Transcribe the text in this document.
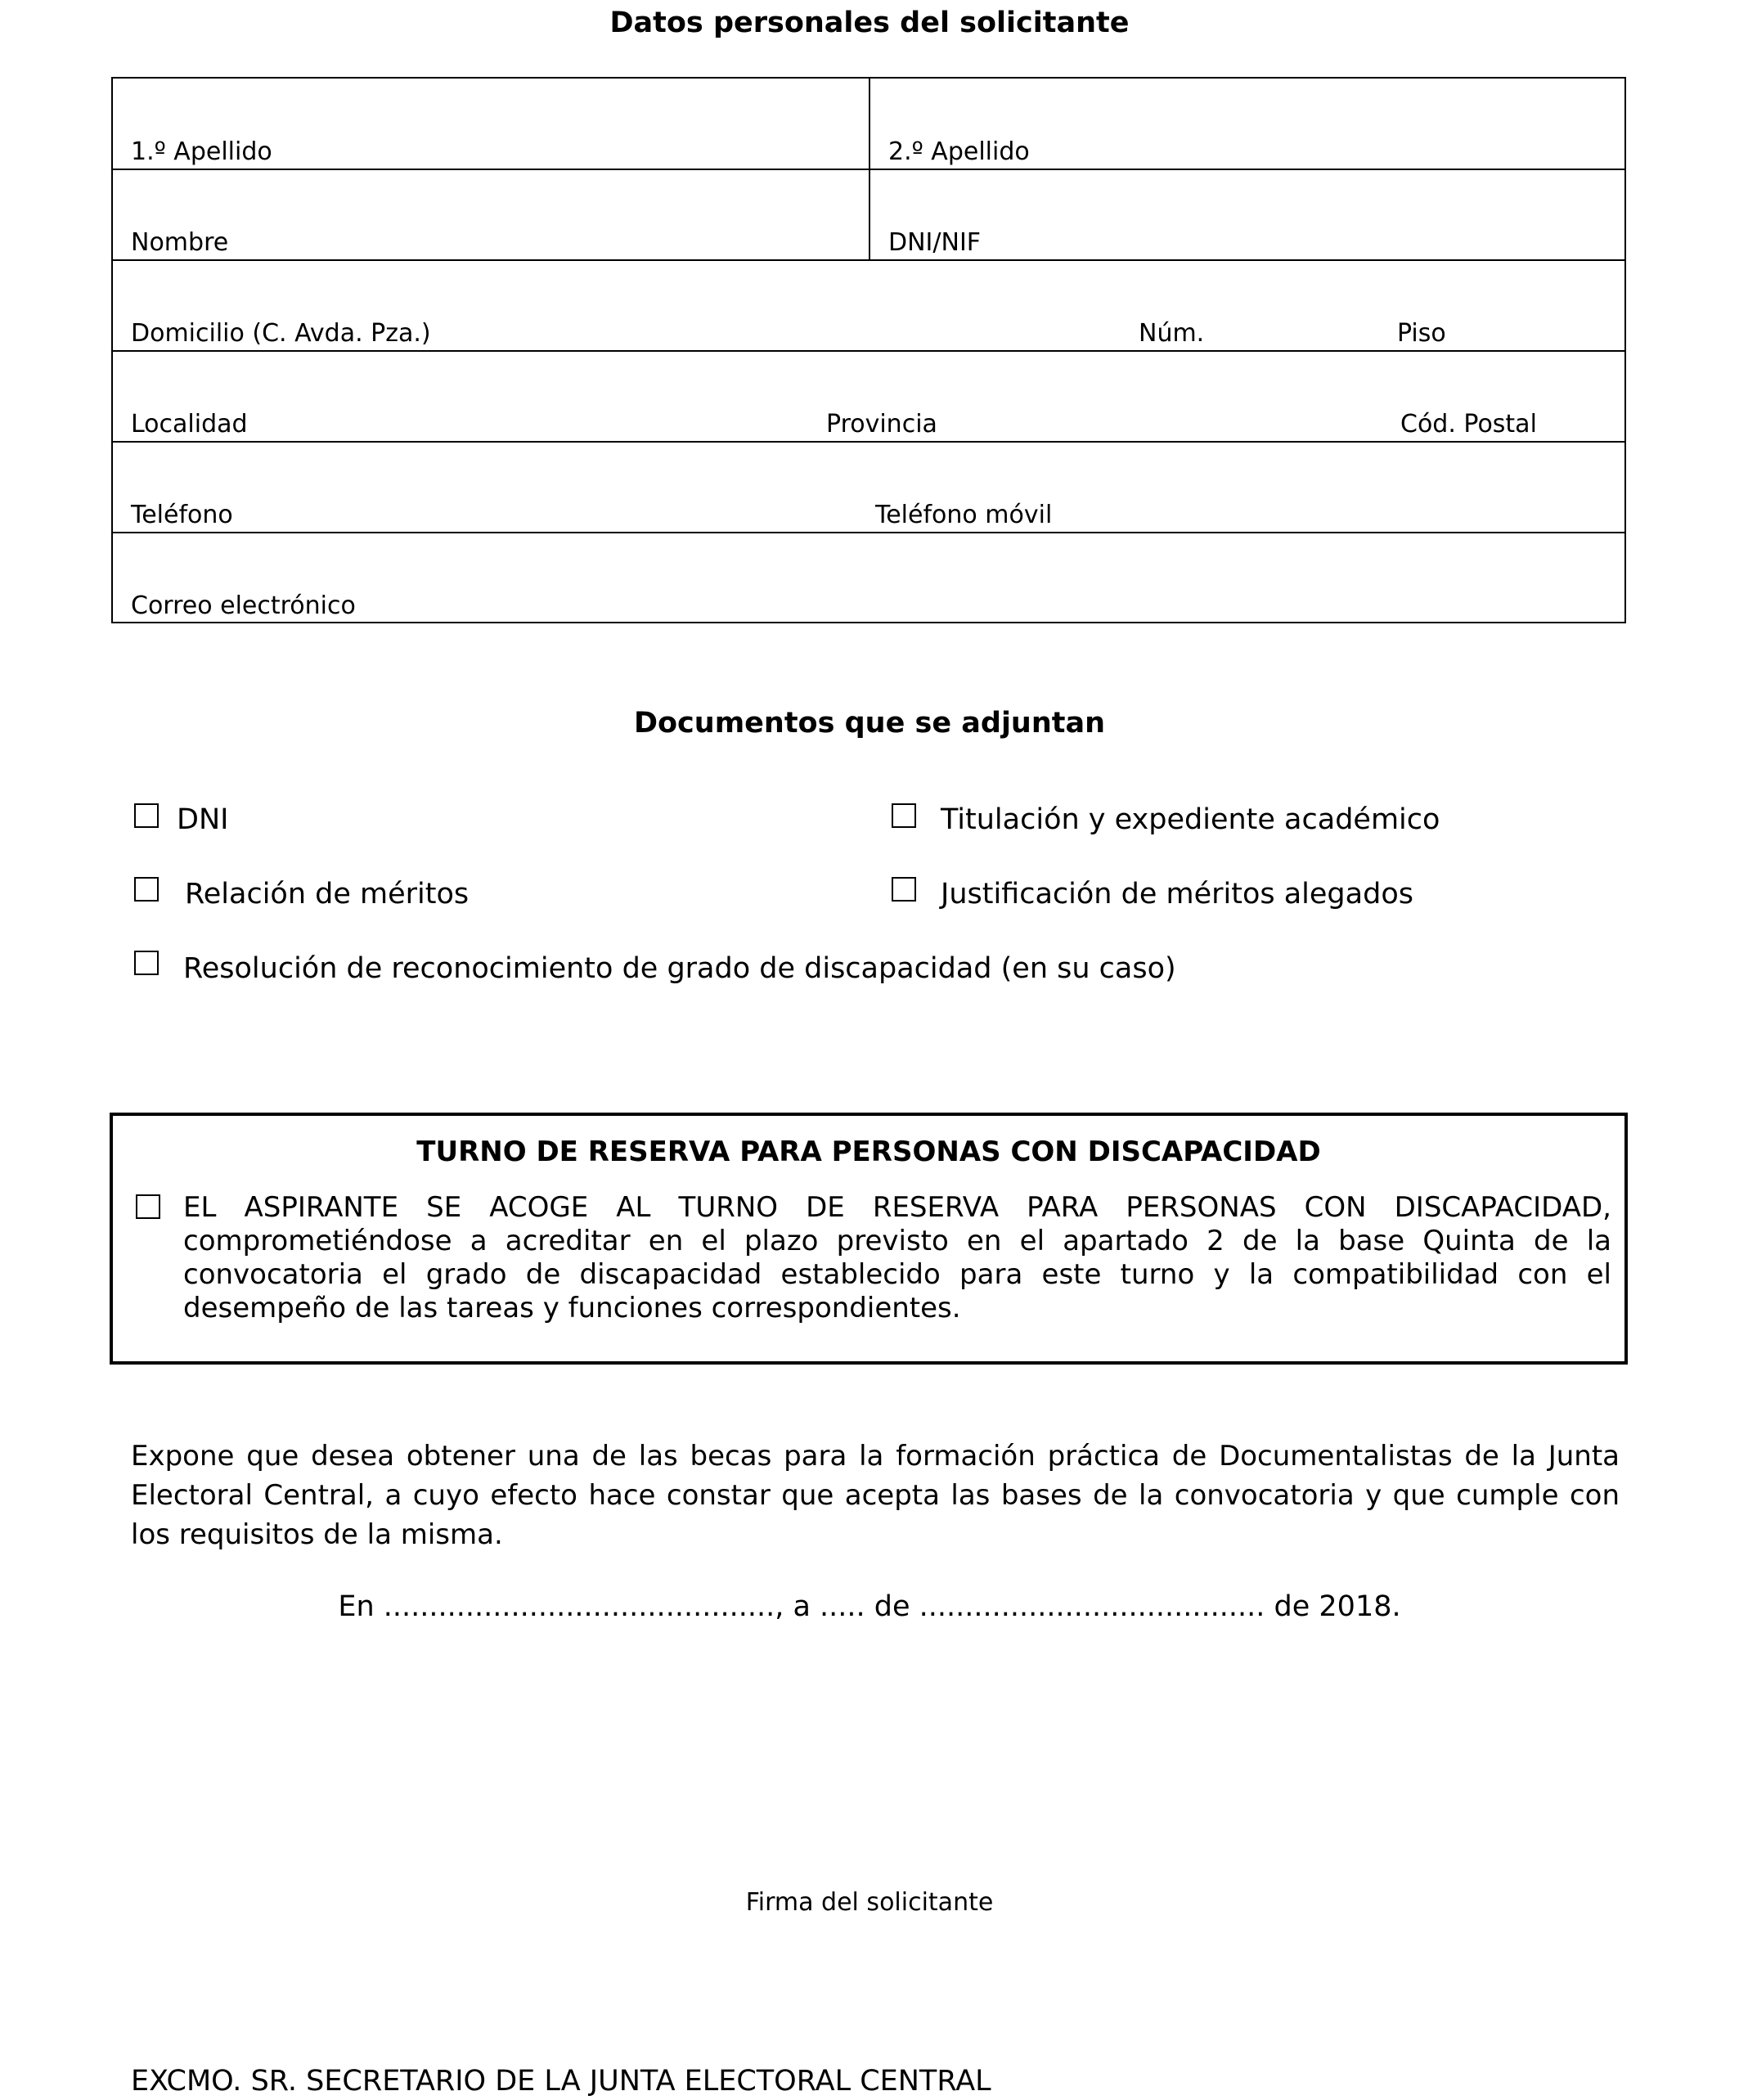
Datos personales del solicitante
1.º Apellido	2.º Apellido
Nombre	DNI/NIF
Domicilio (C. Avda. Pza.)	Núm.	Piso
Localidad	Provincia	Cód. Postal
Teléfono	Teléfono móvil
Correo electrónico
Documentos que se adjuntan
DNI	Titulación y expediente académico
Relación de méritos	Justificación de méritos alegados
Resolución de reconocimiento de grado de discapacidad (en su caso)
TURNO DE RESERVA PARA PERSONAS CON DISCAPACIDAD
EL ASPIRANTE SE ACOGE AL TURNO DE RESERVA PARA PERSONAS CON DISCAPACIDAD, comprometiéndose a acreditar en el plazo previsto en el apartado 2 de la base Quinta de la convocatoria el grado de discapacidad establecido para este turno y la compatibilidad con el desempeño de las tareas y funciones correspondientes.
Expone que desea obtener una de las becas para la formación práctica de Documentalistas de la Junta Electoral Central, a cuyo efecto hace constar que acepta las bases de la convocatoria y que cumple con los requisitos de la misma.
En ..........................................., a ..... de ...................................... de 2018.
Firma del solicitante
EXCMO. SR. SECRETARIO DE LA JUNTA ELECTORAL CENTRAL
